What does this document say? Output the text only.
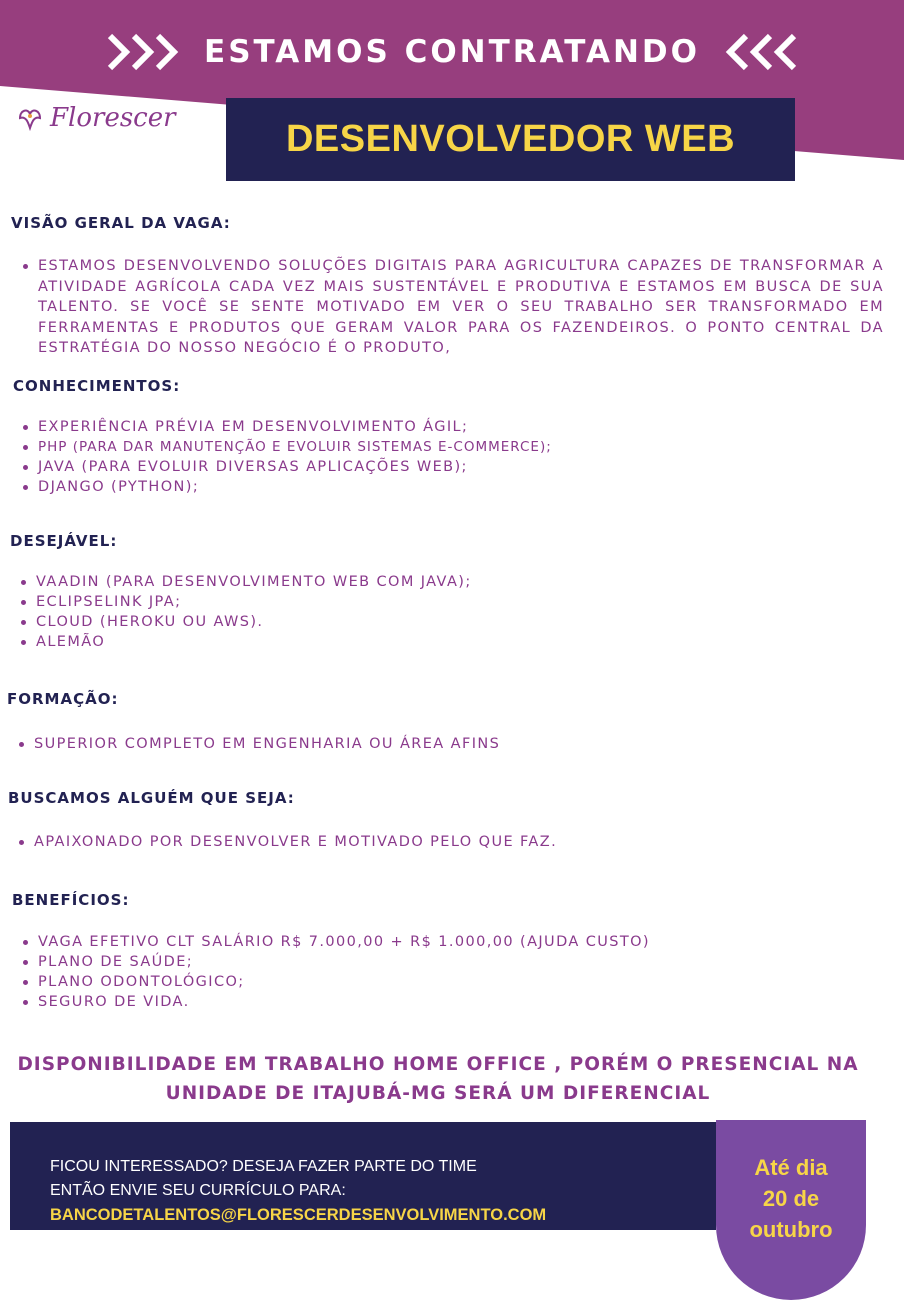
ESTAMOS CONTRATANDO
Florescer	DESENVOLVEDOR WEB
VISÃO GERAL DA VAGA:
ESTAMOS DESENVOLVENDO SOLUÇÕES DIGITAIS PARA AGRICULTURA CAPAZES DE TRANSFORMAR A ATIVIDADE AGRÍCOLA CADA VEZ MAIS SUSTENTÁVEL E PRODUTIVA E ESTAMOS EM BUSCA DE SUA TALENTO. SE VOCÊ SE SENTE MOTIVADO EM VER O SEU TRABALHO SER TRANSFORMADO EM FERRAMENTAS E PRODUTOS QUE GERAM VALOR PARA OS FAZENDEIROS. O PONTO CENTRAL DA ESTRATÉGIA DO NOSSO NEGÓCIO É O PRODUTO,
CONHECIMENTOS:
EXPERIÊNCIA PRÉVIA EM DESENVOLVIMENTO ÁGIL;
PHP (PARA DAR MANUTENÇÃO E EVOLUIR SISTEMAS E-COMMERCE);
JAVA (PARA EVOLUIR DIVERSAS APLICAÇÕES WEB);
DJANGO (PYTHON);
DESEJÁVEL:
VAADIN (PARA DESENVOLVIMENTO WEB COM JAVA);
ECLIPSELINK JPA;
CLOUD (HEROKU OU AWS).
ALEMÃO
FORMAÇÃO:
SUPERIOR COMPLETO EM ENGENHARIA OU ÁREA AFINS
BUSCAMOS ALGUÉM QUE SEJA:
APAIXONADO POR DESENVOLVER E MOTIVADO PELO QUE FAZ.
BENEFÍCIOS:
VAGA EFETIVO CLT SALÁRIO R$ 7.000,00 + R$ 1.000,00 (AJUDA CUSTO)
PLANO DE SAÚDE;
PLANO ODONTOLÓGICO;
SEGURO DE VIDA.
DISPONIBILIDADE EM TRABALHO HOME OFFICE , PORÉM O PRESENCIAL NA
UNIDADE DE ITAJUBÁ-MG SERÁ UM DIFERENCIAL
FICOU INTERESSADO? DESEJA FAZER PARTE DO TIME
ENTÃO ENVIE SEU CURRÍCULO PARA:
BANCODETALENTOS@FLORESCERDESENVOLVIMENTO.COM
Até dia
20 de
outubro
